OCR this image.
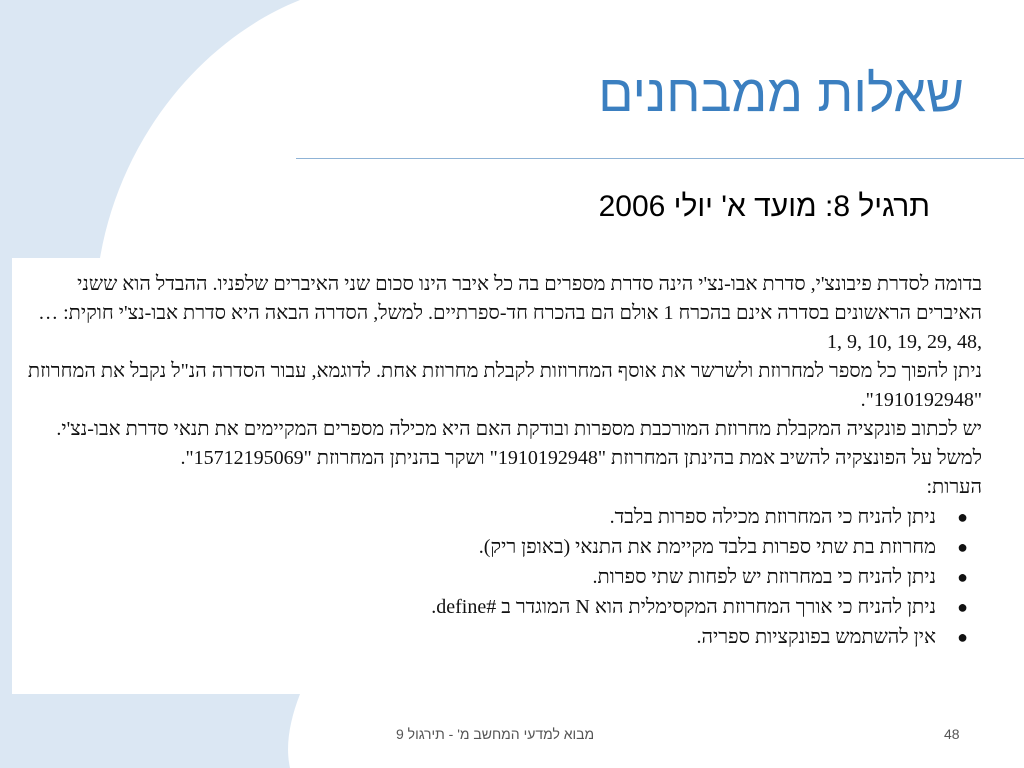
שאלות ממבחנים
תרגיל 8: מועד א' יולי 2006

בדומה לסדרת פיבונצ'י, סדרת אבו-נצ'י הינה סדרת מספרים בה כל איבר הינו סכום שני האיברים שלפניו. ההבדל הוא ששני האיברים הראשונים בסדרה אינם בהכרח 1 אולם הם בהכרח חד-ספרתיים. למשל, הסדרה הבאה היא סדרת אבו-נצ'י חוקית: … ,48 ,29 ,19 ,10 ,9 ,1

ניתן להפוך כל מספר למחרוזת ולשרשר את אוסף המחרוזות לקבלת מחרוזת אחת. לדוגמא, עבור הסדרה הנ"ל נקבל את המחרוזת "1910192948".

יש לכתוב פונקציה המקבלת מחרוזת המורכבת מספרות ובודקת האם היא מכילה מספרים המקיימים את תנאי סדרת אבו-נצ'י. למשל על הפונצקיה להשיב אמת בהינתן המחרוזת "1910192948" ושקר בהניתן המחרוזת "15712195069".

הערות:

●
ניתן להניח כי המחרוזת מכילה ספרות בלבד.
●
מחרוזת בת שתי ספרות בלבד מקיימת את התנאי (באופן ריק).
●
ניתן להניח כי במחרוזת יש לפחות שתי ספרות.
●
ניתן להניח כי אורך המחרוזת המקסימלית הוא N המוגדר ב #define.
●
אין להשתמש בפונקציות ספריה.
מבוא למדעי המחשב מ' - תירגול 9	48
